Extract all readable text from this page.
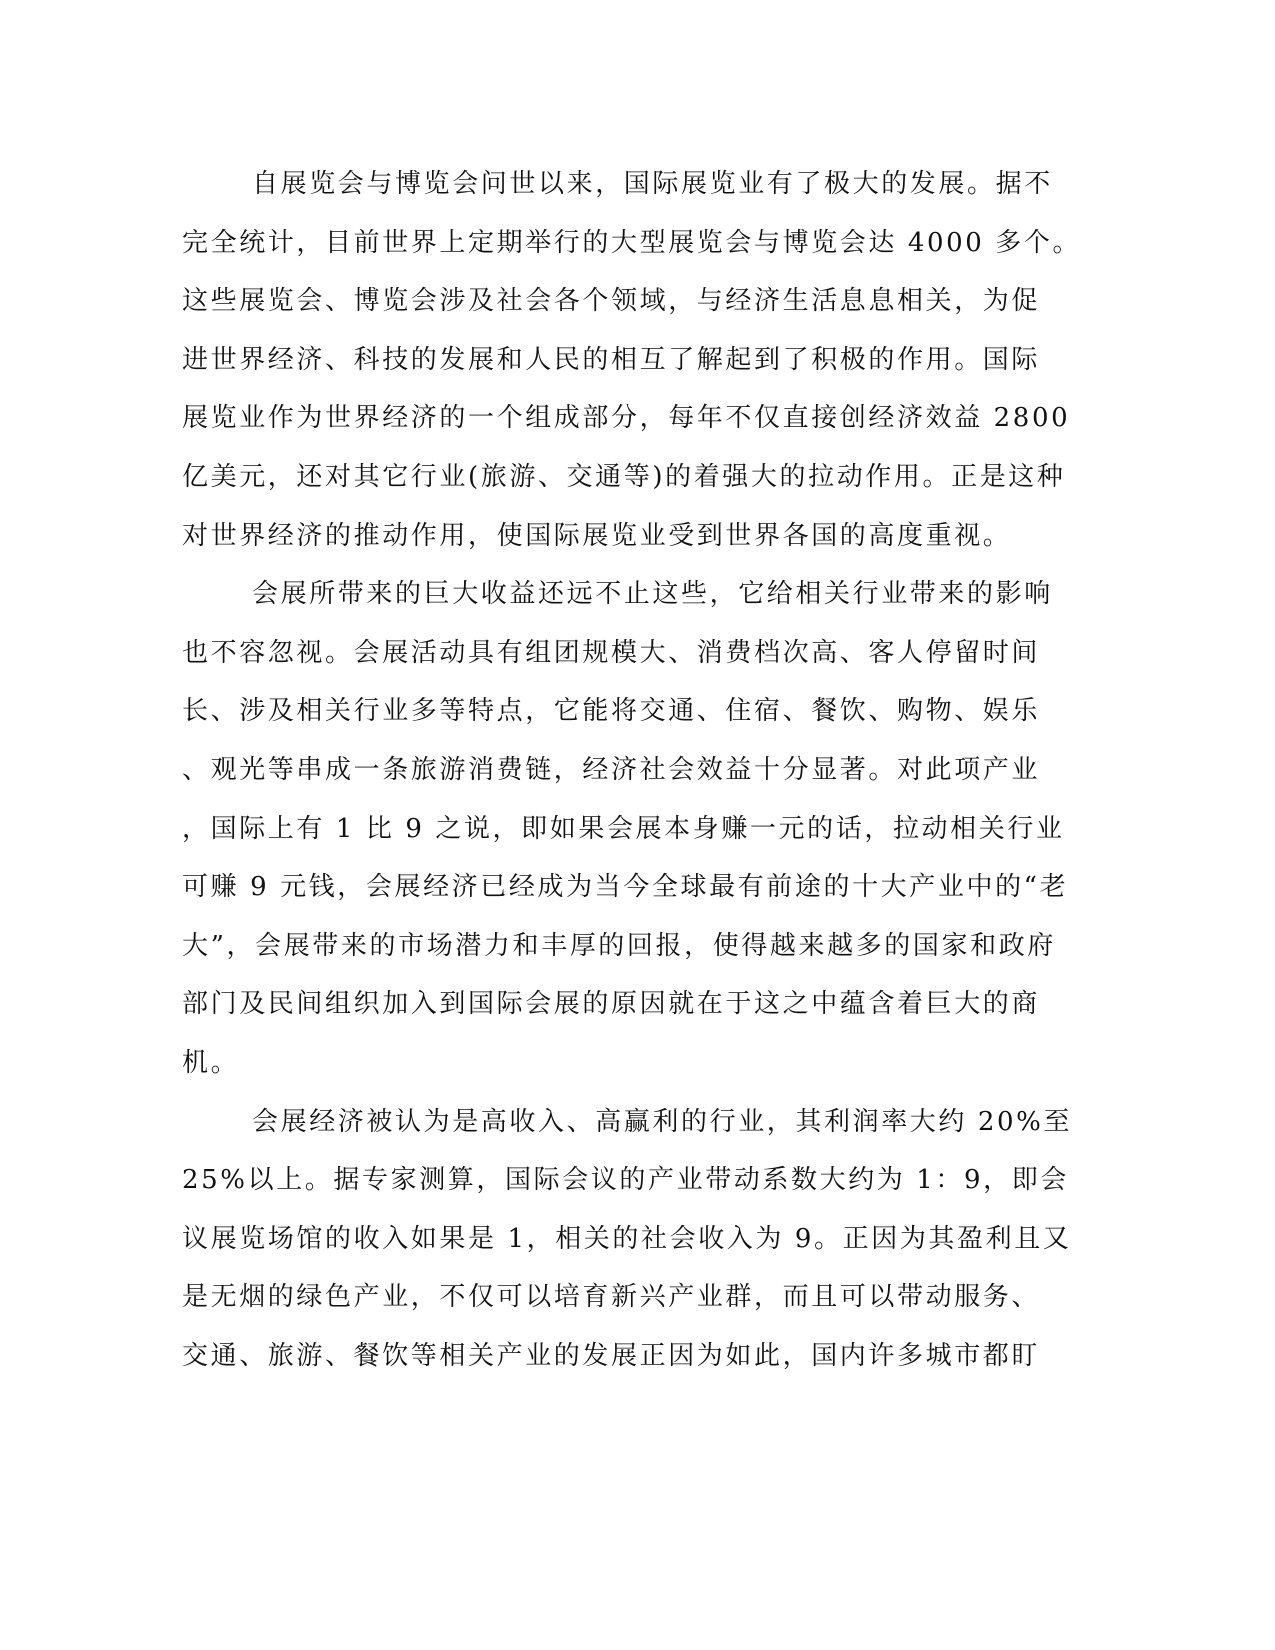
自展览会与博览会问世以来，国际展览业有了极大的发展。据不
完全统计，目前世界上定期举行的大型展览会与博览会达 4000 多个。
这些展览会、博览会涉及社会各个领域，与经济生活息息相关，为促
进世界经济、科技的发展和人民的相互了解起到了积极的作用。国际
展览业作为世界经济的一个组成部分，每年不仅直接创经济效益 2800
亿美元，还对其它行业(旅游、交通等)的着强大的拉动作用。正是这种
对世界经济的推动作用，使国际展览业受到世界各国的高度重视。
会展所带来的巨大收益还远不止这些，它给相关行业带来的影响
也不容忽视。会展活动具有组团规模大、消费档次高、客人停留时间
长、涉及相关行业多等特点，它能将交通、住宿、餐饮、购物、娱乐
、观光等串成一条旅游消费链，经济社会效益十分显著。对此项产业
，国际上有 1 比 9 之说，即如果会展本身赚一元的话，拉动相关行业
可赚 9 元钱，会展经济已经成为当今全球最有前途的十大产业中的“老
大”，会展带来的市场潜力和丰厚的回报，使得越来越多的国家和政府
部门及民间组织加入到国际会展的原因就在于这之中蕴含着巨大的商
机。
会展经济被认为是高收入、高赢利的行业，其利润率大约 20%至
25%以上。据专家测算，国际会议的产业带动系数大约为 1：9，即会
议展览场馆的收入如果是 1，相关的社会收入为 9。正因为其盈利且又
是无烟的绿色产业，不仅可以培育新兴产业群，而且可以带动服务、
交通、旅游、餐饮等相关产业的发展正因为如此，国内许多城市都盯
